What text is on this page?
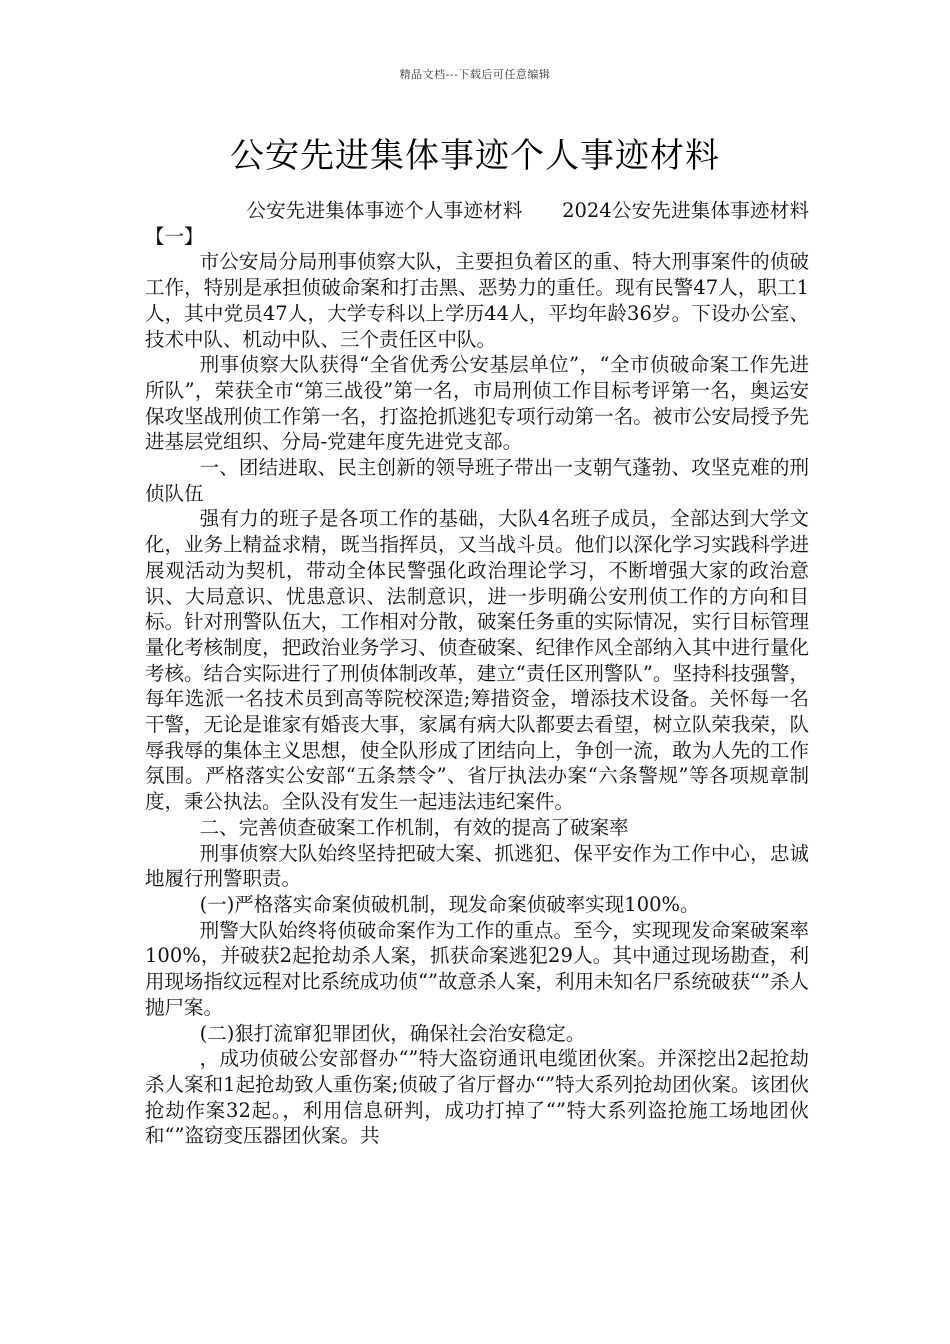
精品文档---下载后可任意编辑
公安先进集体事迹个人事迹材料

公安先进集体事迹个人事迹材料　　2024公安先进集体事迹材料【一】

市公安局分局刑事侦察大队，主要担负着区的重、特大刑事案件的侦破工作，特别是承担侦破命案和打击黑、恶势力的重任。现有民警47人，职工1人，其中党员47人，大学专科以上学历44人，平均年龄36岁。下设办公室、技术中队、机动中队、三个责任区中队。

刑事侦察大队获得“全省优秀公安基层单位”，“全市侦破命案工作先进所队”，荣获全市“第三战役”第一名，市局刑侦工作目标考评第一名，奥运安保攻坚战刑侦工作第一名，打盗抢抓逃犯专项行动第一名。被市公安局授予先进基层党组织、分局-党建年度先进党支部。

一、团结进取、民主创新的领导班子带出一支朝气蓬勃、攻坚克难的刑侦队伍

强有力的班子是各项工作的基础，大队4名班子成员，全部达到大学文化，业务上精益求精，既当指挥员，又当战斗员。他们以深化学习实践科学进展观活动为契机，带动全体民警强化政治理论学习，不断增强大家的政治意识、大局意识、忧患意识、法制意识，进一步明确公安刑侦工作的方向和目标。针对刑警队伍大，工作相对分散，破案任务重的实际情况，实行目标管理量化考核制度，把政治业务学习、侦查破案、纪律作风全部纳入其中进行量化考核。结合实际进行了刑侦体制改革，建立“责任区刑警队”。坚持科技强警，每年选派一名技术员到高等院校深造;筹措资金，增添技术设备。关怀每一名干警，无论是谁家有婚丧大事，家属有病大队都要去看望，树立队荣我荣，队辱我辱的集体主义思想，使全队形成了团结向上，争创一流，敢为人先的工作氛围。严格落实公安部“五条禁令”、省厅执法办案“六条警规”等各项规章制度，秉公执法。全队没有发生一起违法违纪案件。

二、完善侦查破案工作机制，有效的提高了破案率

刑事侦察大队始终坚持把破大案、抓逃犯、保平安作为工作中心，忠诚地履行刑警职责。

(一)严格落实命案侦破机制，现发命案侦破率实现100%。

刑警大队始终将侦破命案作为工作的重点。至今，实现现发命案破案率100%，并破获2起抢劫杀人案，抓获命案逃犯29人。其中通过现场勘查，利用现场指纹远程对比系统成功侦“”故意杀人案，利用未知名尸系统破获“”杀人抛尸案。

(二)狠打流窜犯罪团伙，确保社会治安稳定。

，成功侦破公安部督办“”特大盗窃通讯电缆团伙案。并深挖出2起抢劫杀人案和1起抢劫致人重伤案;侦破了省厅督办“”特大系列抢劫团伙案。该团伙抢劫作案32起。，利用信息研判，成功打掉了“”特大系列盗抢施工场地团伙和“”盗窃变压器团伙案。共
